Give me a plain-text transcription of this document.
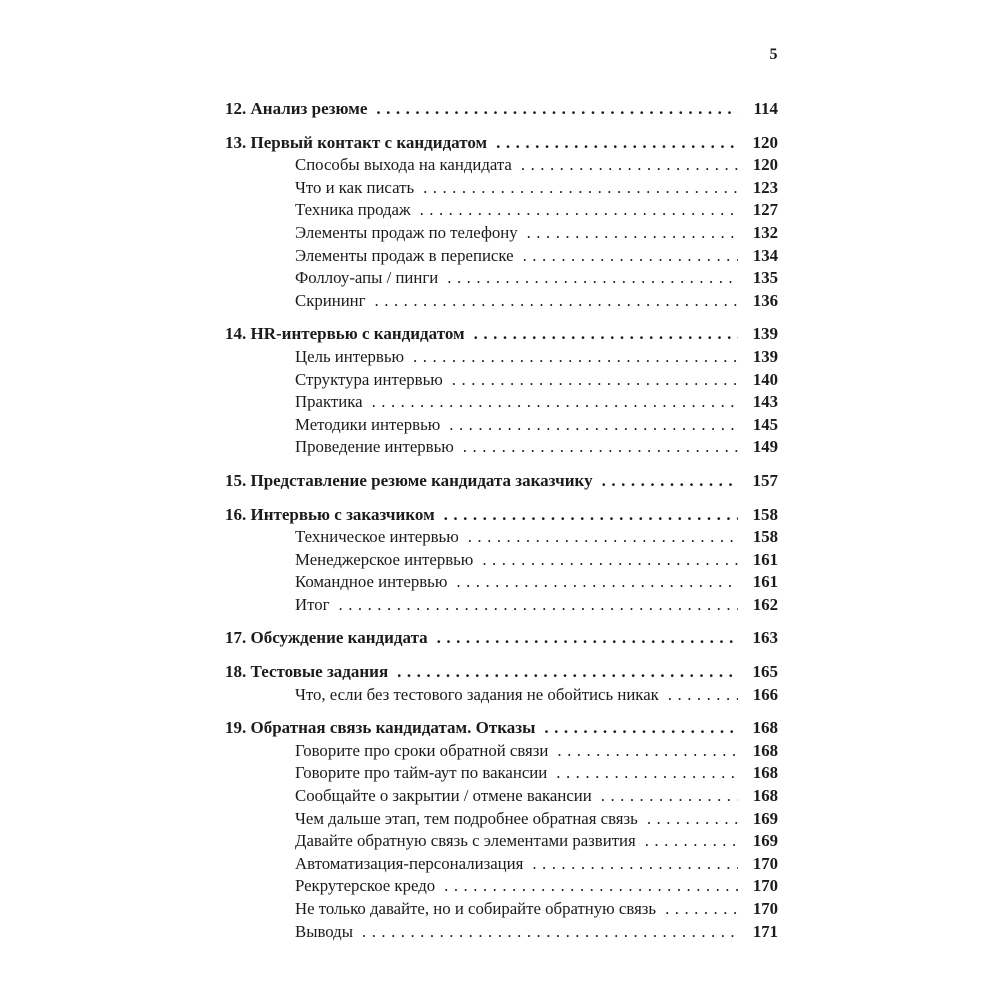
5
12. Анализ резюме .....	114
13. Первый контакт с кандидатом .....	120
Способы выхода на кандидата .....	120
Что и как писать .....	123
Техника продаж .....	127
Элементы продаж по телефону .....	132
Элементы продаж в переписке .....	134
Фоллоу-апы / пинги .....	135
Скрининг .....	136
14. HR-интервью с кандидатом .....	139
Цель интервью .....	139
Структура интервью .....	140
Практика .....	143
Методики интервью .....	145
Проведение интервью .....	149
15. Представление резюме кандидата заказчику .....	157
16. Интервью с заказчиком .....	158
Техническое интервью .....	158
Менеджерское интервью .....	161
Командное интервью .....	161
Итог .....	162
17. Обсуждение кандидата .....	163
18. Тестовые задания .....	165
Что, если без тестового задания не обойтись никак .....	166
19. Обратная связь кандидатам. Отказы .....	168
Говорите про сроки обратной связи .....	168
Говорите про тайм-аут по вакансии .....	168
Сообщайте о закрытии / отмене вакансии .....	168
Чем дальше этап, тем подробнее обратная связь .....	169
Давайте обратную связь с элементами развития .....	169
Автоматизация-персонализация .....	170
Рекрутерское кредо .....	170
Не только давайте, но и собирайте обратную связь .....	170
Выводы .....	171
